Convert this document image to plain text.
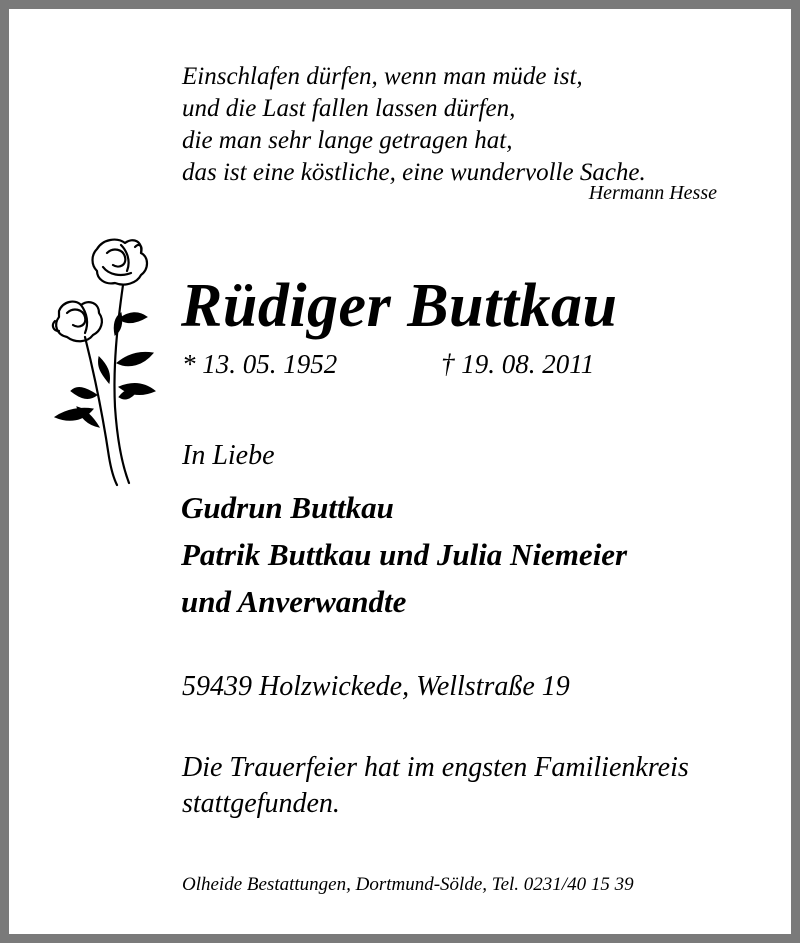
Einschlafen dürfen, wenn man müde ist,
und die Last fallen lassen dürfen,
die man sehr lange getragen hat,
das ist eine köstliche, eine wundervolle Sache.
Hermann Hesse
Rüdiger Buttkau
* 13. 05. 1952	† 19. 08. 2011
In Liebe
Gudrun Buttkau
Patrik Buttkau und Julia Niemeier
und Anverwandte
59439 Holzwickede, Wellstraße 19
Die Trauerfeier hat im engsten Familienkreis
stattgefunden.
Olheide Bestattungen, Dortmund-Sölde, Tel. 0231/40 15 39
